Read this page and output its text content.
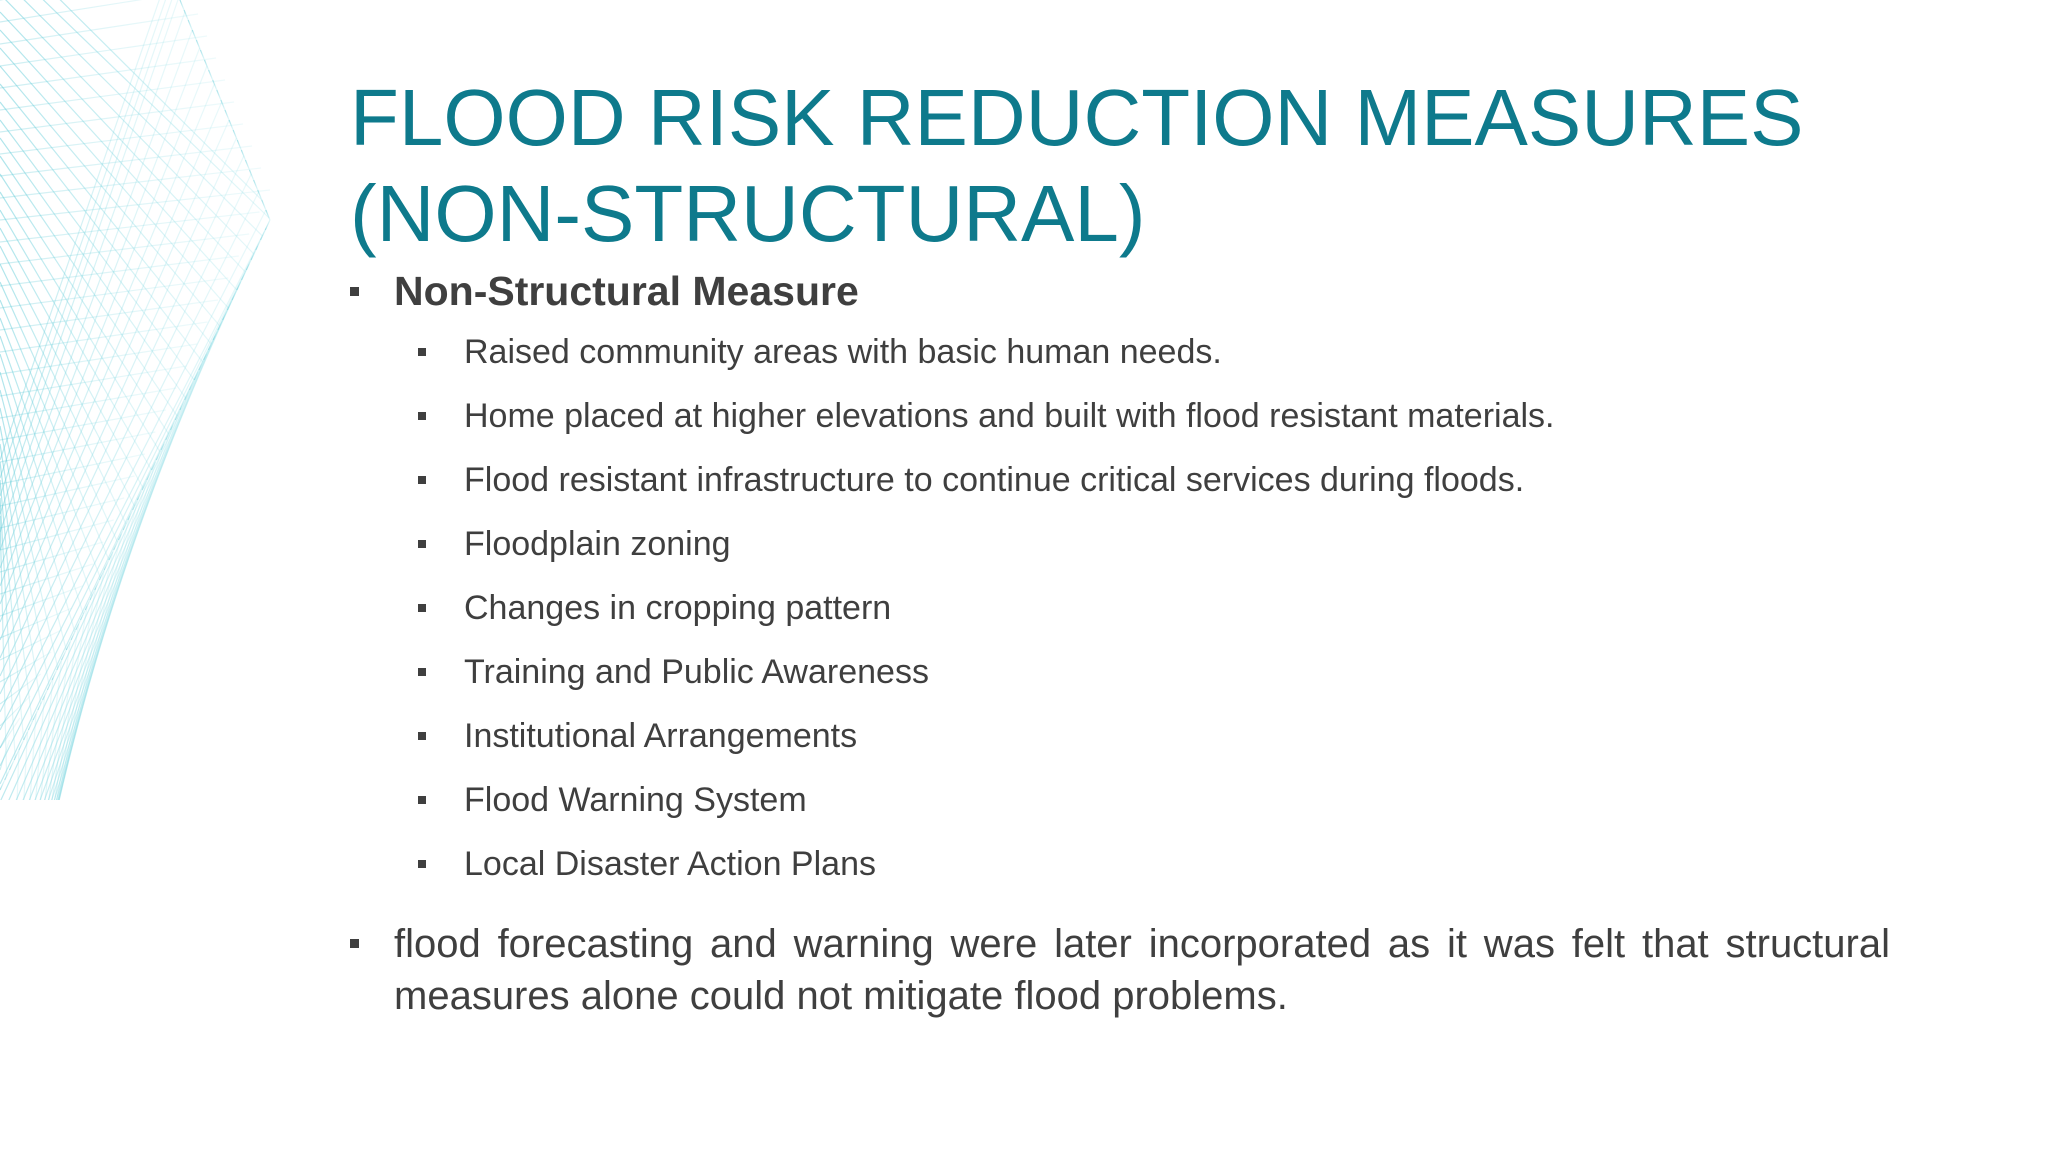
FLOOD RISK REDUCTION MEASURES
(NON-STRUCTURAL)

Non-Structural Measure

Raised community areas with basic human needs.
Home placed at higher elevations and built with flood resistant materials.
Flood resistant infrastructure to continue critical services during floods.
Floodplain zoning
Changes in cropping pattern
Training and Public Awareness
Institutional Arrangements
Flood Warning System
Local Disaster Action Plans

flood forecasting and warning were later incorporated as it was felt that structural measures alone could not mitigate flood problems.
